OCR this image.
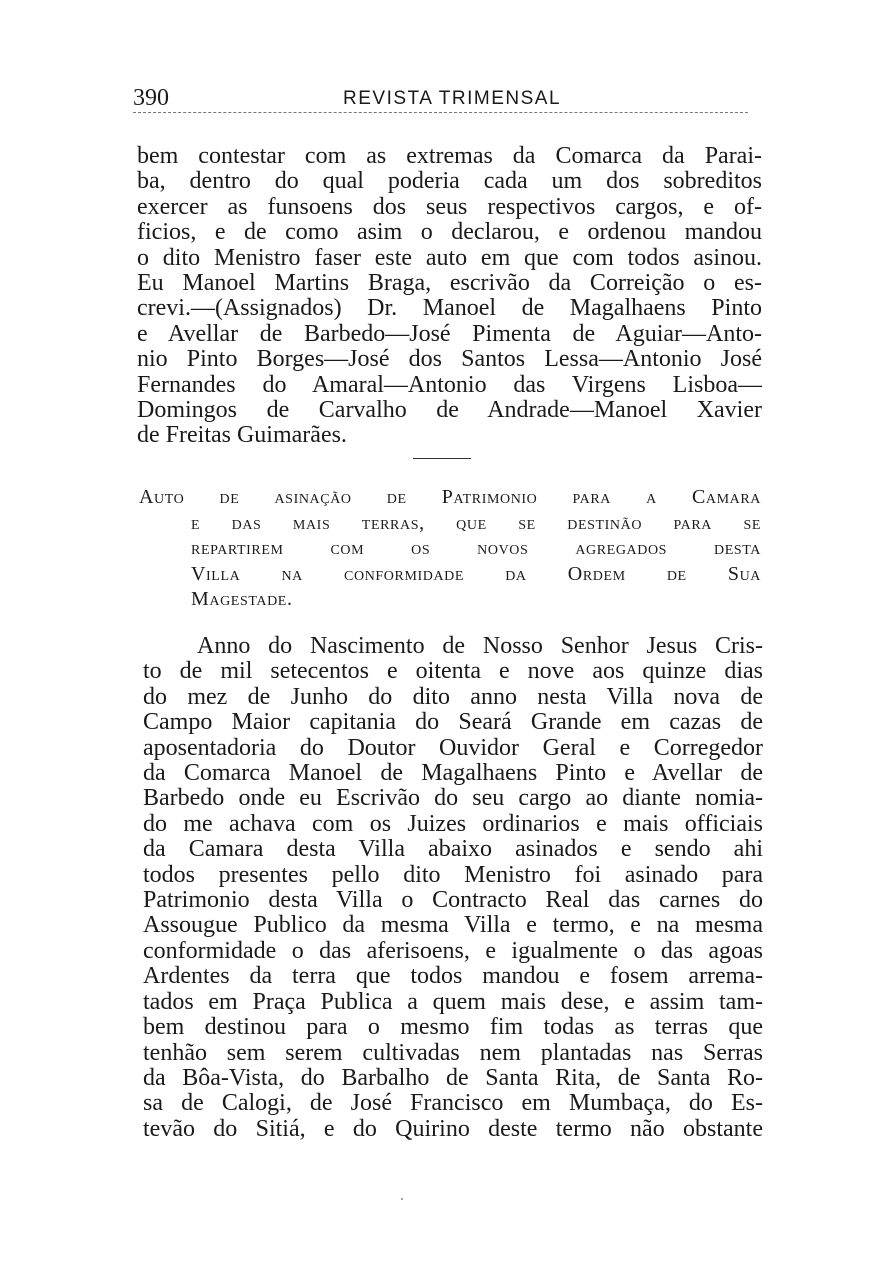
390	REVISTA TRIMENSAL
bem contestar com as extremas da Comarca da Parai-
ba, dentro do qual poderia cada um dos sobreditos
exercer as funsoens dos seus respectivos cargos, e of-
ficios, e de como asim o declarou, e ordenou mandou
o dito Menistro faser este auto em que com todos asinou.
Eu Manoel Martins Braga, escrivão da Correição o es-
crevi.—(Assignados) Dr. Manoel de Magalhaens Pinto
e Avellar de Barbedo—José Pimenta de Aguiar—Anto-
nio Pinto Borges—José dos Santos Lessa—Antonio José
Fernandes do Amaral—Antonio das Virgens Lisboa—
Domingos de Carvalho de Andrade—Manoel Xavier
de Freitas Guimarães.
Auto de asinação de Patrimonio para a Camara
e das mais terras, que se destinão para se
repartirem com os novos agregados desta
Villa na conformidade da Ordem de Sua
Magestade.
Anno do Nascimento de Nosso Senhor Jesus Cris-
to de mil setecentos e oitenta e nove aos quinze dias
do mez de Junho do dito anno nesta Villa nova de
Campo Maior capitania do Seará Grande em cazas de
aposentadoria do Doutor Ouvidor Geral e Corregedor
da Comarca Manoel de Magalhaens Pinto e Avellar de
Barbedo onde eu Escrivão do seu cargo ao diante nomia-
do me achava com os Juizes ordinarios e mais officiais
da Camara desta Villa abaixo asinados e sendo ahi
todos presentes pello dito Menistro foi asinado para
Patrimonio desta Villa o Contracto Real das carnes do
Assougue Publico da mesma Villa e termo, e na mesma
conformidade o das aferisoens, e igualmente o das agoas
Ardentes da terra que todos mandou e fosem arrema-
tados em Praça Publica a quem mais dese, e assim tam-
bem destinou para o mesmo fim todas as terras que
tenhão sem serem cultivadas nem plantadas nas Serras
da Bôa-Vista, do Barbalho de Santa Rita, de Santa Ro-
sa de Calogi, de José Francisco em Mumbaça, do Es-
tevão do Sitiá, e do Quirino deste termo não obstante
